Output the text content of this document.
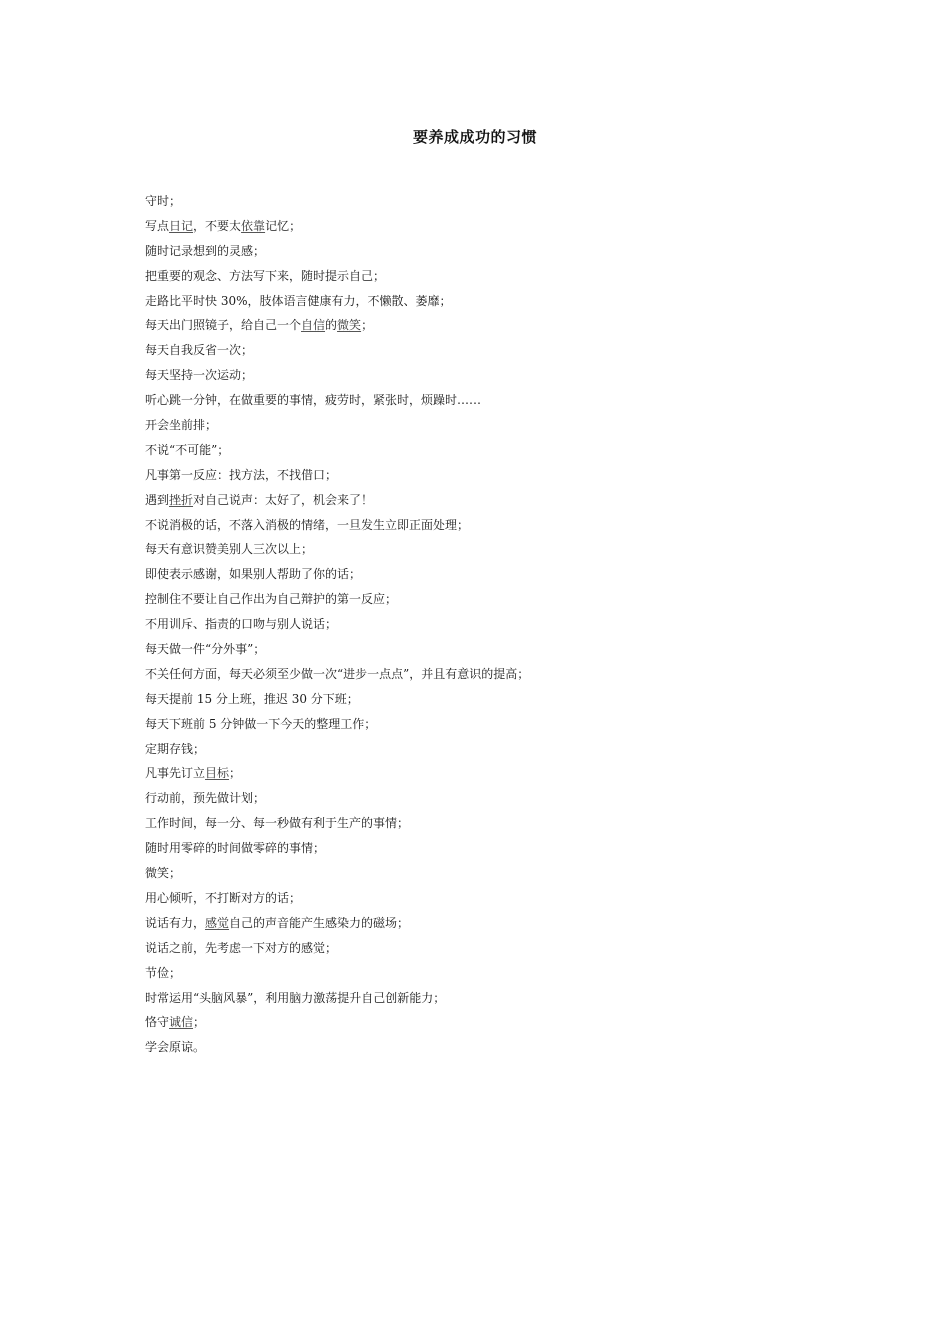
要养成成功的习惯
守时；
写点日记，不要太依靠记忆；
随时记录想到的灵感；
把重要的观念、方法写下来，随时提示自己；
走路比平时快 30%，肢体语言健康有力，不懒散、萎靡；
每天出门照镜子，给自己一个自信的微笑；
每天自我反省一次；
每天坚持一次运动；
听心跳一分钟，在做重要的事情，疲劳时，紧张时，烦躁时……
开会坐前排；
不说“不可能”；
凡事第一反应：找方法，不找借口；
遇到挫折对自己说声：太好了，机会来了！
不说消极的话，不落入消极的情绪，一旦发生立即正面处理；
每天有意识赞美别人三次以上；
即使表示感谢，如果别人帮助了你的话；
控制住不要让自己作出为自己辩护的第一反应；
不用训斥、指责的口吻与别人说话；
每天做一件“分外事”；
不关任何方面，每天必须至少做一次“进步一点点”，并且有意识的提高；
每天提前 15 分上班，推迟 30 分下班；
每天下班前 5 分钟做一下今天的整理工作；
定期存钱；
凡事先订立目标；
行动前，预先做计划；
工作时间，每一分、每一秒做有利于生产的事情；
随时用零碎的时间做零碎的事情；
微笑；
用心倾听，不打断对方的话；
说话有力，感觉自己的声音能产生感染力的磁场；
说话之前，先考虑一下对方的感觉；
节俭；
时常运用“头脑风暴”，利用脑力激荡提升自己创新能力；
恪守诚信；
学会原谅。
